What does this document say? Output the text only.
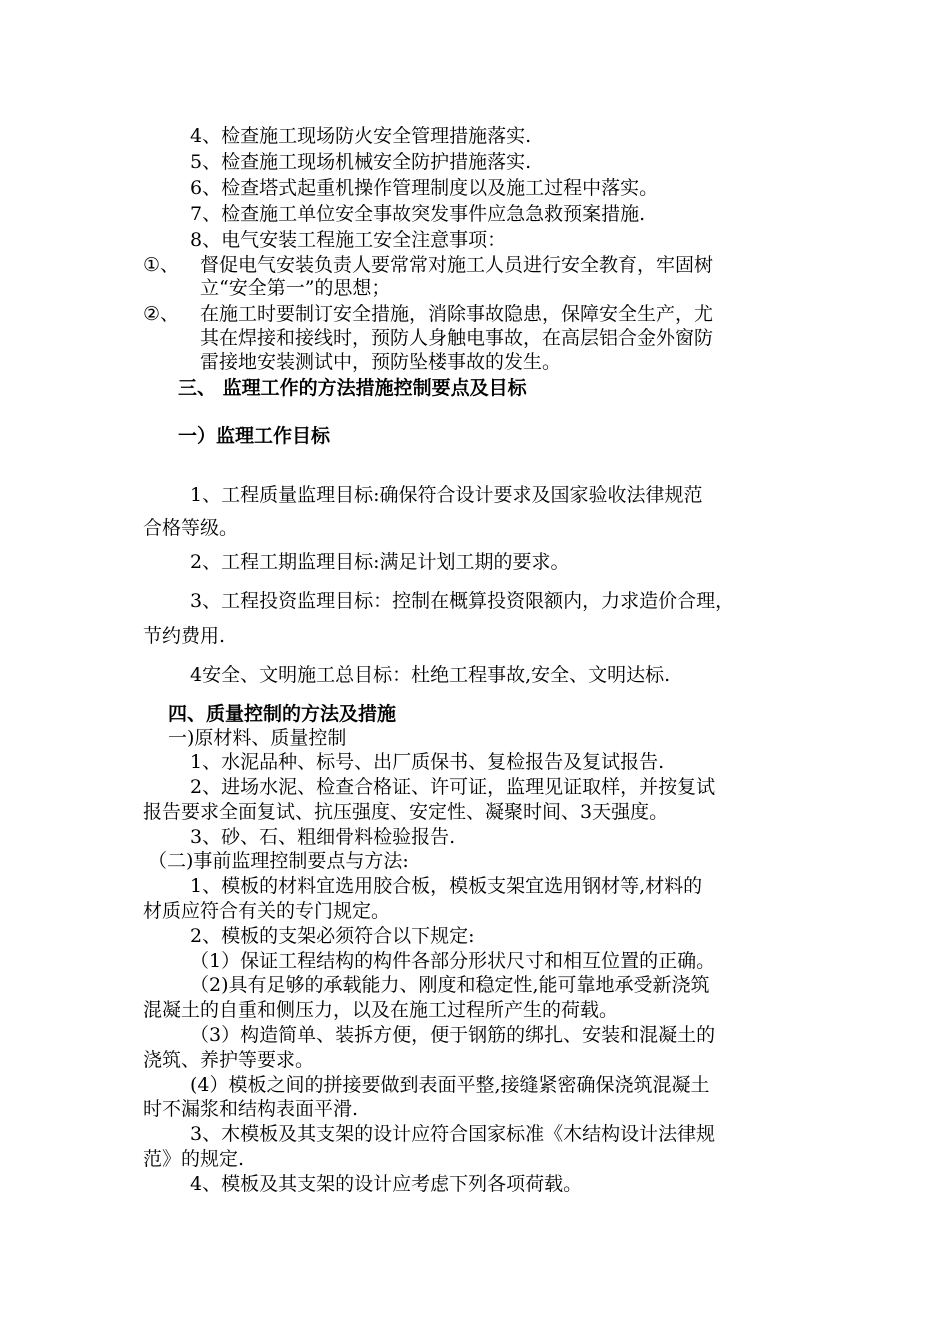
4、检查施工现场防火安全管理措施落实.
5、检查施工现场机械安全防护措施落实.
6、检查塔式起重机操作管理制度以及施工过程中落实。
7、检查施工单位安全事故突发事件应急急救预案措施.
8、电气安装工程施工安全注意事项：
①、 督促电气安装负责人要常常对施工人员进行安全教育，牢固树
立“安全第一”的思想；
②、 在施工时要制订安全措施，消除事故隐患，保障安全生产，尤
其在焊接和接线时，预防人身触电事故，在高层铝合金外窗防
雷接地安装测试中，预防坠楼事故的发生。
三、 监理工作的方法措施控制要点及目标
一）监理工作目标
1、工程质量监理目标:确保符合设计要求及国家验收法律规范
合格等级。
2、工程工期监理目标:满足计划工期的要求。
3、工程投资监理目标：控制在概算投资限额内，力求造价合理，
节约费用.
4安全、文明施工总目标：杜绝工程事故,安全、文明达标.
四、质量控制的方法及措施
一)原材料、质量控制
1、水泥品种、标号、出厂质保书、复检报告及复试报告.
2、进场水泥、检查合格证、许可证，监理见证取样，并按复试
报告要求全面复试、抗压强度、安定性、凝聚时间、3天强度。
3、砂、石、粗细骨料检验报告.
（二)事前监理控制要点与方法:
1、模板的材料宜选用胶合板，模板支架宜选用钢材等,材料的
材质应符合有关的专门规定。
2、模板的支架必须符合以下规定:
（1）保证工程结构的构件各部分形状尺寸和相互位置的正确。
（2)具有足够的承载能力、刚度和稳定性,能可靠地承受新浇筑
混凝土的自重和侧压力，以及在施工过程所产生的荷载。
（3）构造简单、装拆方便，便于钢筋的绑扎、安装和混凝土的
浇筑、养护等要求。
(4）模板之间的拼接要做到表面平整,接缝紧密确保浇筑混凝土
时不漏浆和结构表面平滑.
3、木模板及其支架的设计应符合国家标准《木结构设计法律规
范》的规定.
4、模板及其支架的设计应考虑下列各项荷载。
